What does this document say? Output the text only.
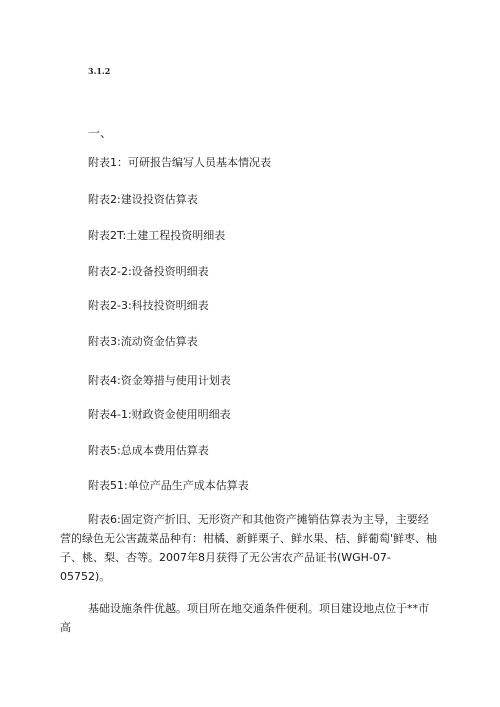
3.1.2
一、
附表1：可研报告编写人员基本情况表
附表2:建设投资估算表
附表2T:土建工程投资明细表
附表2-2:设备投资明细表
附表2-3:科技投资明细表
附表3:流动资金估算表
附表4:资金筹措与使用计划表
附表4-1:财政资金使用明细表
附表5:总成本费用估算表
附表51:单位产品生产成本估算表

附表6:固定资产折旧、无形资产和其他资产摊销估算表为主导，主要经营的绿色无公害蔬菜品种有：柑橘、新鲜栗子、鲜水果、桔、鲜葡萄'鲜枣、柚子、桃、梨、杏等。2007年8月获得了无公害农产品证书(WGH-07-05752)。

基础设施条件优越。项目所在地交通条件便利。项目建设地点位于**市高
